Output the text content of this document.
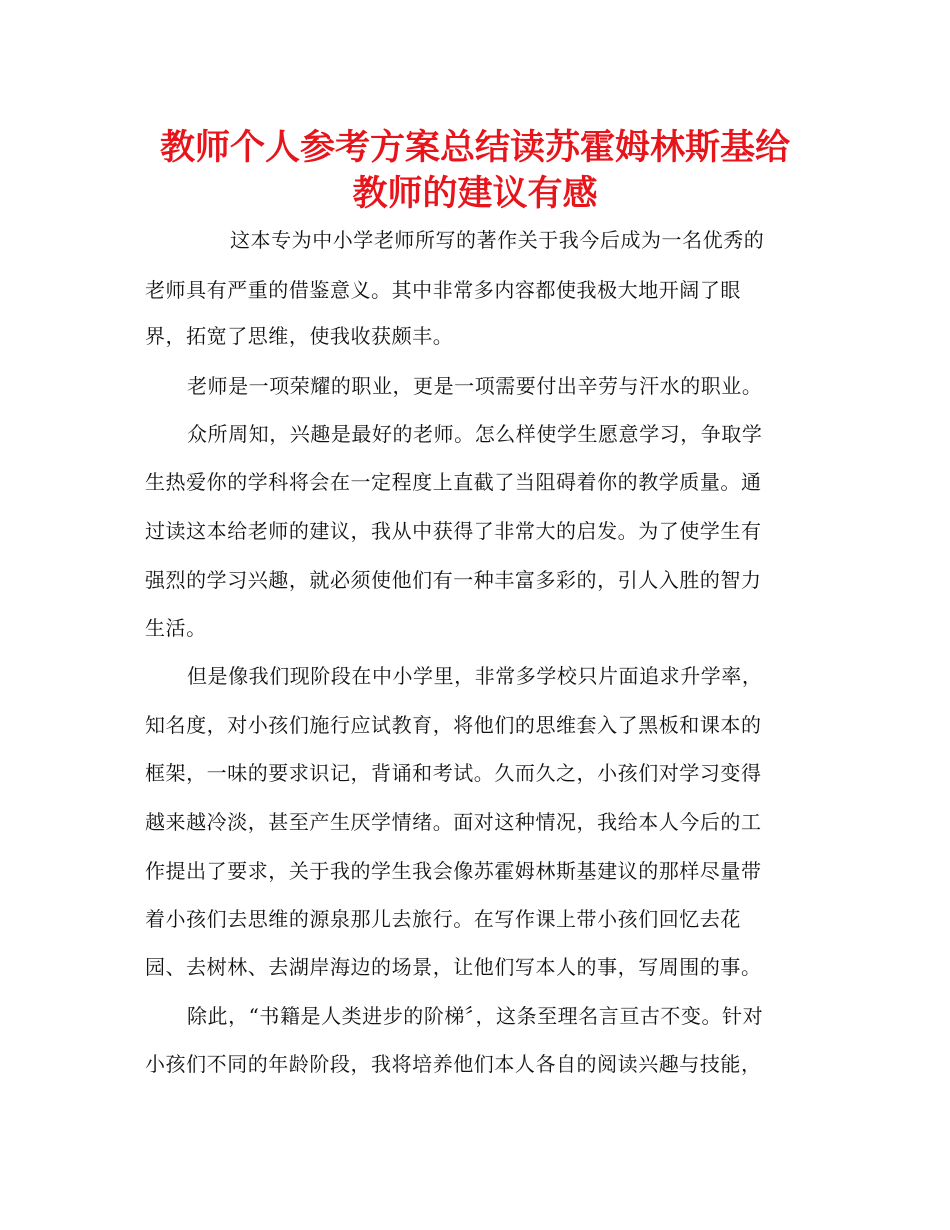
教师个人参考方案总结读苏霍姆林斯基给
教师的建议有感

这本专为中小学老师所写的著作关于我今后成为一名优秀的

老师具有严重的借鉴意义。其中非常多内容都使我极大地开阔了眼

界，拓宽了思维，使我收获颇丰。

老师是一项荣耀的职业，更是一项需要付出辛劳与汗水的职业。

众所周知，兴趣是最好的老师。怎么样使学生愿意学习，争取学

生热爱你的学科将会在一定程度上直截了当阻碍着你的教学质量。通

过读这本给老师的建议，我从中获得了非常大的启发。为了使学生有

强烈的学习兴趣，就必须使他们有一种丰富多彩的，引人入胜的智力

生活。

但是像我们现阶段在中小学里，非常多学校只片面追求升学率，

知名度，对小孩们施行应试教育，将他们的思维套入了黑板和课本的

框架，一味的要求识记，背诵和考试。久而久之，小孩们对学习变得

越来越冷淡，甚至产生厌学情绪。面对这种情况，我给本人今后的工

作提出了要求，关于我的学生我会像苏霍姆林斯基建议的那样尽量带

着小孩们去思维的源泉那儿去旅行。在写作课上带小孩们回忆去花

园、去树林、去湖岸海边的场景，让他们写本人的事，写周围的事。

除此，“书籍是人类进步的阶梯〞，这条至理名言亘古不变。针对

小孩们不同的年龄阶段，我将培养他们本人各自的阅读兴趣与技能，
